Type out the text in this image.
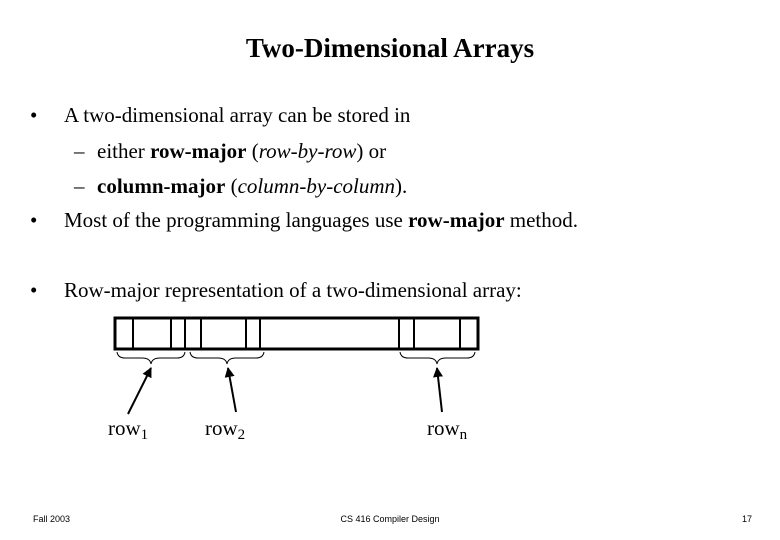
Two-Dimensional Arrays
• A two-dimensional array can be stored in
– either row-major (row-by-row) or
– column-major (column-by-column).
• Most of the programming languages use row-major method.
• Row-major representation of a two-dimensional array:
row$_1$	row$_2$	row$_n$
Fall 2003	CS 416 Compiler Design	17
